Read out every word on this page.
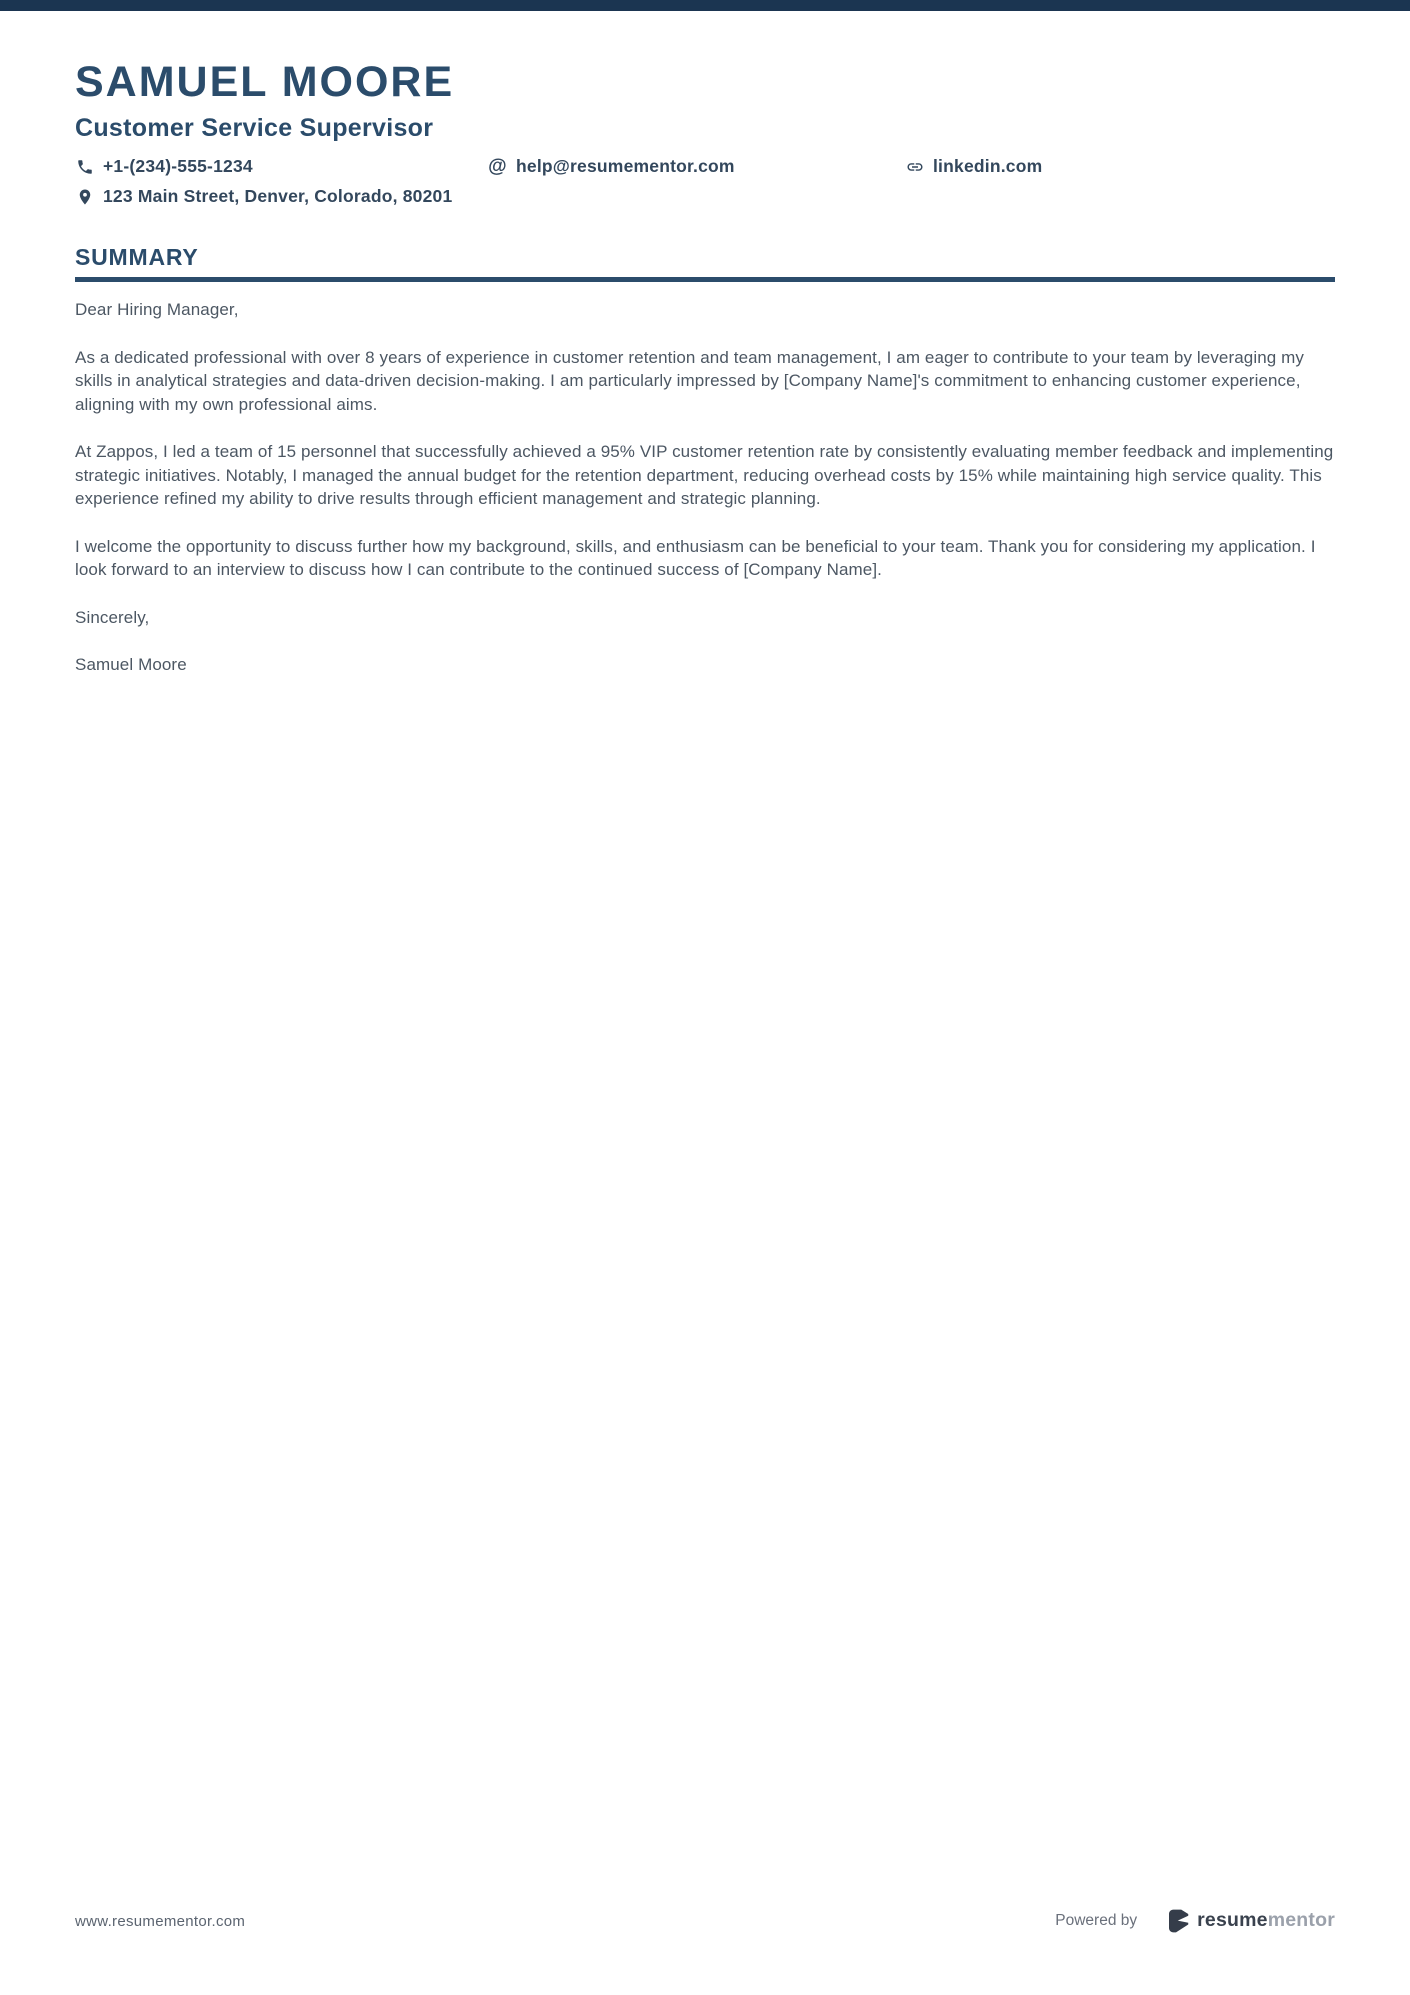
SAMUEL MOORE
Customer Service Supervisor
+1-(234)-555-1234
123 Main Street, Denver, Colorado, 80201
@ help@resumementor.com	linkedin.com
SUMMARY

Dear Hiring Manager,

As a dedicated professional with over 8 years of experience in customer retention and team management, I am eager to contribute to your team by leveraging my skills in analytical strategies and data-driven decision-making. I am particularly impressed by [Company Name]'s commitment to enhancing customer experience, aligning with my own professional aims.

At Zappos, I led a team of 15 personnel that successfully achieved a 95% VIP customer retention rate by consistently evaluating member feedback and implementing strategic initiatives. Notably, I managed the annual budget for the retention department, reducing overhead costs by 15% while maintaining high service quality. This experience refined my ability to drive results through efficient management and strategic planning.

I welcome the opportunity to discuss further how my background, skills, and enthusiasm can be beneficial to your team. Thank you for considering my application. I look forward to an interview to discuss how I can contribute to the continued success of [Company Name].

Sincerely,

Samuel Moore

www.resumementor.com	Powered by	resumementor
